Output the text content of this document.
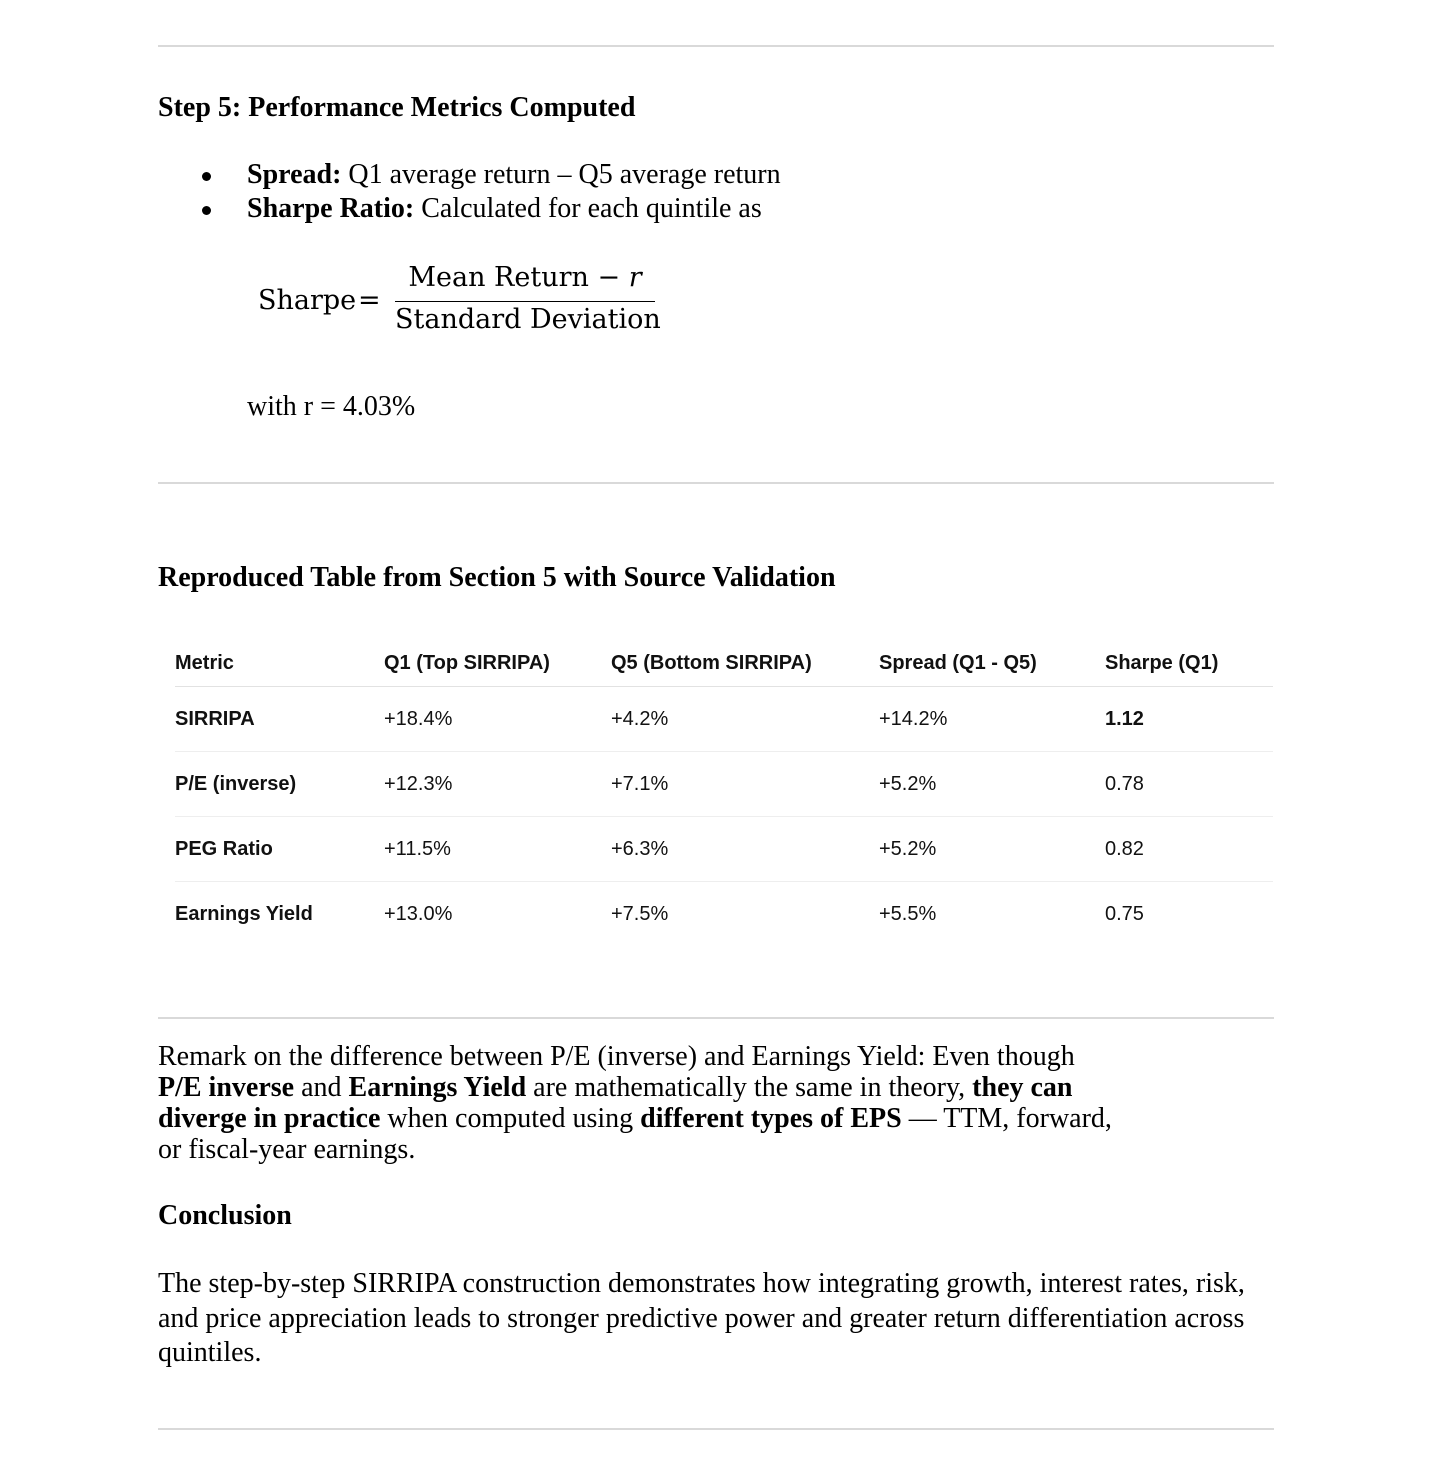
Step 5: Performance Metrics Computed
Spread: Q1 average return – Q5 average return
Sharpe Ratio: Calculated for each quintile as
Sharpe =
Mean Return − r
Standard Deviation
with r = 4.03%
Reproduced Table from Section 5 with Source Validation
Metric	Q1 (Top SIRRIPA)	Q5 (Bottom SIRRIPA)	Spread (Q1 - Q5)	Sharpe (Q1)
SIRRIPA	+18.4%	+4.2%	+14.2%	1.12
P/E (inverse)	+12.3%	+7.1%	+5.2%	0.78
PEG Ratio	+11.5%	+6.3%	+5.2%	0.82
Earnings Yield	+13.0%	+7.5%	+5.5%	0.75

Remark on the difference between P/E (inverse) and Earnings Yield: Even though P/E inverse and Earnings Yield are mathematically the same in theory, they can diverge in practice when computed using different types of EPS — TTM, forward, or fiscal-year earnings.

Conclusion

The step-by-step SIRRIPA construction demonstrates how integrating growth, interest rates, risk, and price appreciation leads to stronger predictive power and greater return differentiation across quintiles.
